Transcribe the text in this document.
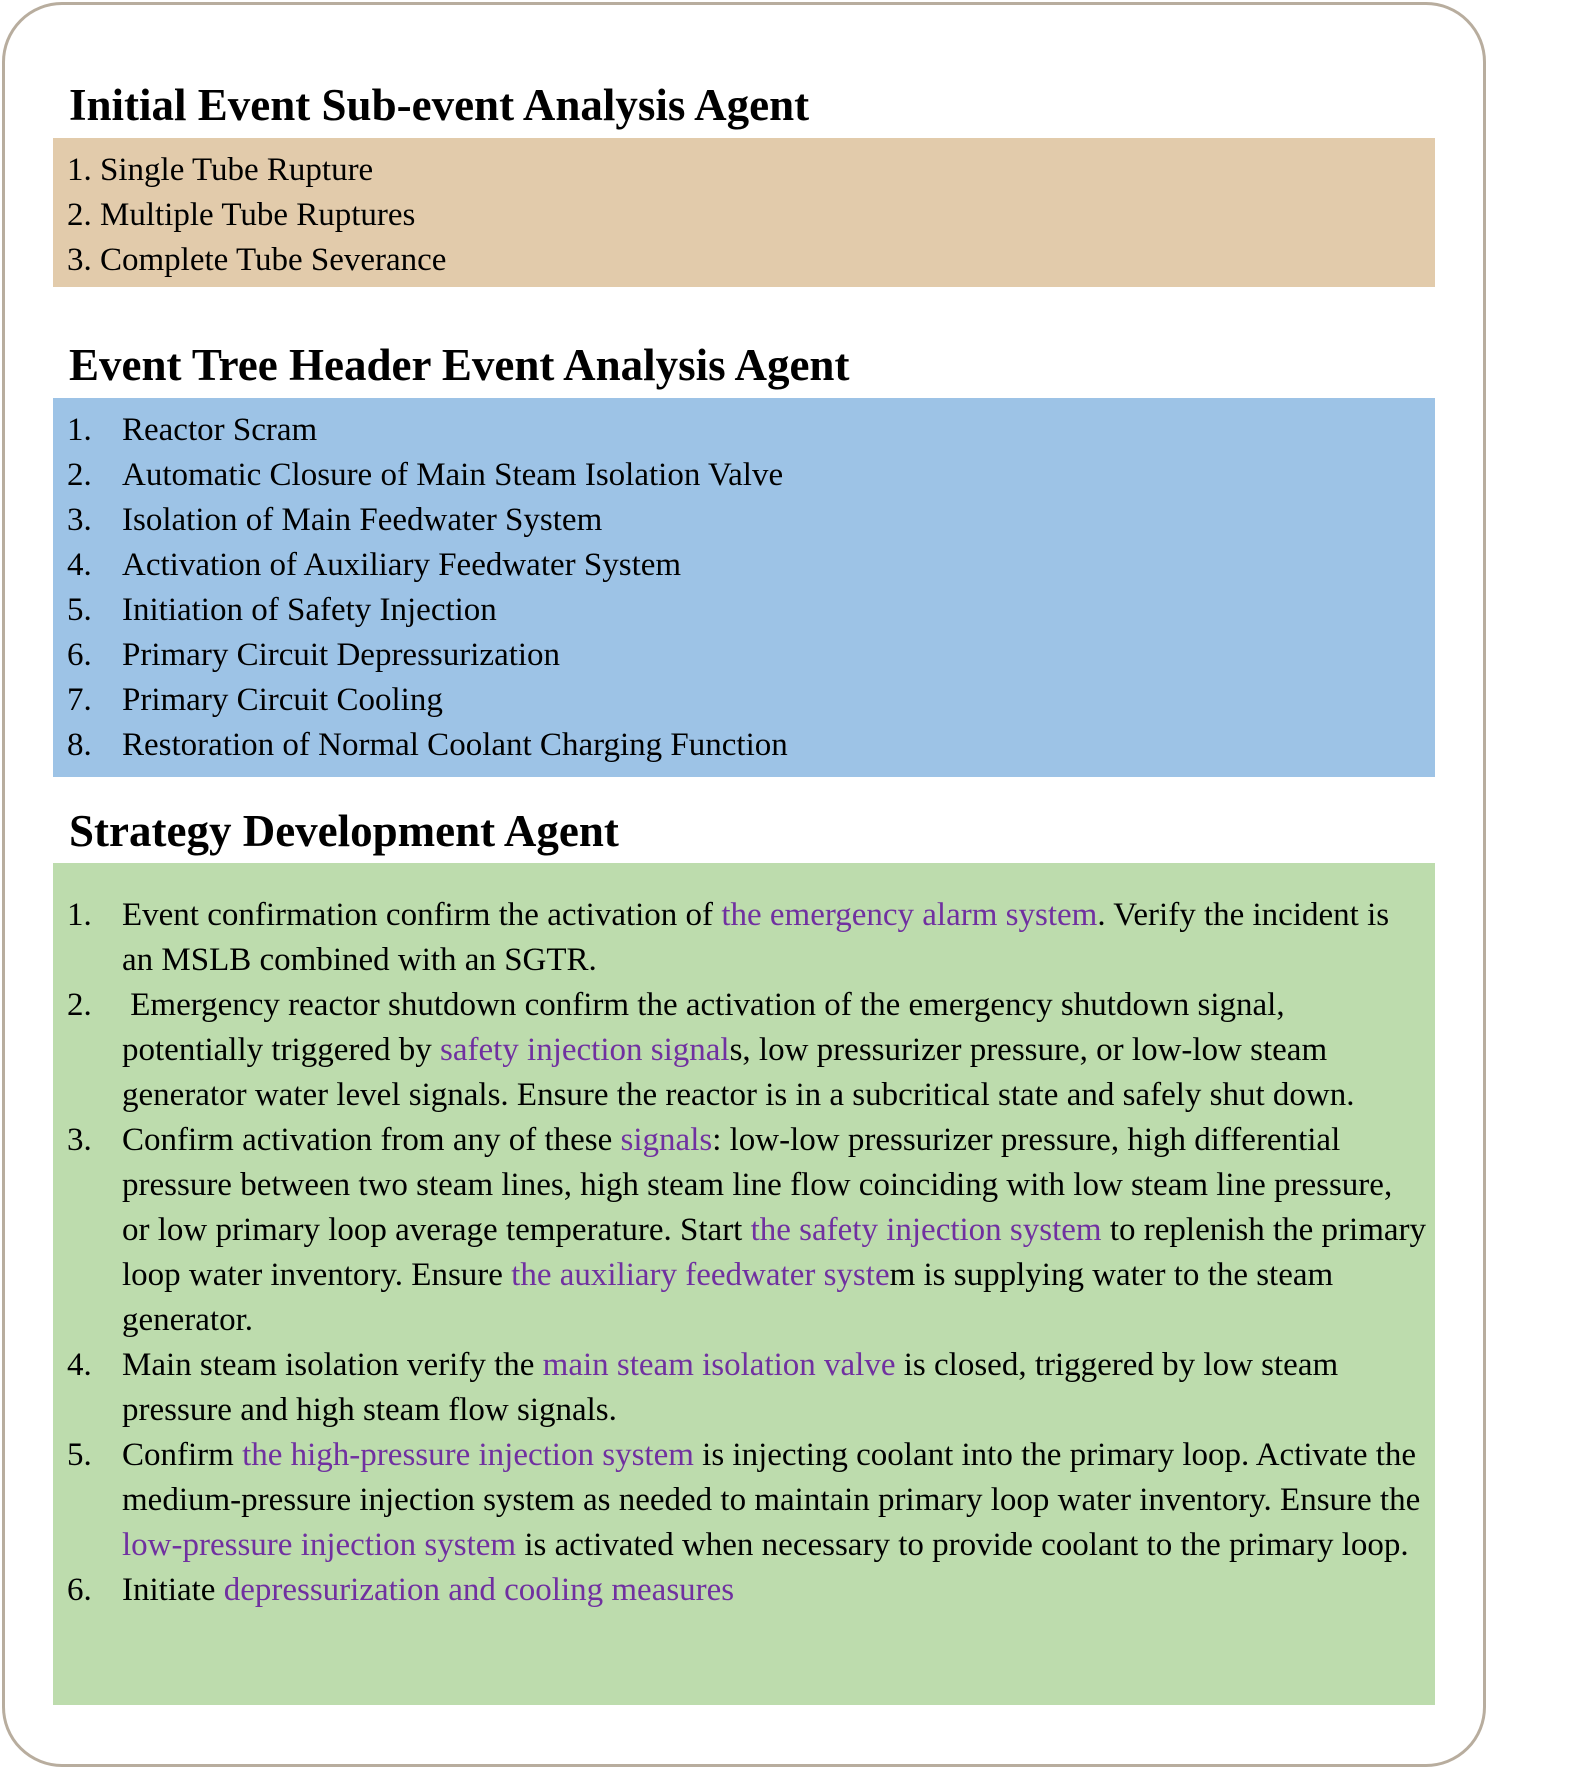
Initial Event Sub-event Analysis Agent
1. Single Tube Rupture
2. Multiple Tube Ruptures
3. Complete Tube Severance
Event Tree Header Event Analysis Agent
1. Reactor Scram
2. Automatic Closure of Main Steam Isolation Valve
3. Isolation of Main Feedwater System
4. Activation of Auxiliary Feedwater System
5. Initiation of Safety Injection
6. Primary Circuit Depressurization
7. Primary Circuit Cooling
8. Restoration of Normal Coolant Charging Function
Strategy Development Agent
1. Event confirmation confirm the activation of the emergency alarm system. Verify the incident is an MSLB combined with an SGTR.
2. Emergency reactor shutdown confirm the activation of the emergency shutdown signal, potentially triggered by safety injection signals, low pressurizer pressure, or low-low steam generator water level signals. Ensure the reactor is in a subcritical state and safely shut down.
3. Confirm activation from any of these signals: low-low pressurizer pressure, high differential pressure between two steam lines, high steam line flow coinciding with low steam line pressure, or low primary loop average temperature. Start the safety injection system to replenish the primary loop water inventory. Ensure the auxiliary feedwater system is supplying water to the steam generator.
4. Main steam isolation verify the main steam isolation valve is closed, triggered by low steam pressure and high steam flow signals.
5. Confirm the high-pressure injection system is injecting coolant into the primary loop. Activate the medium-pressure injection system as needed to maintain primary loop water inventory. Ensure the low-pressure injection system is activated when necessary to provide coolant to the primary loop.
6. Initiate depressurization and cooling measures
